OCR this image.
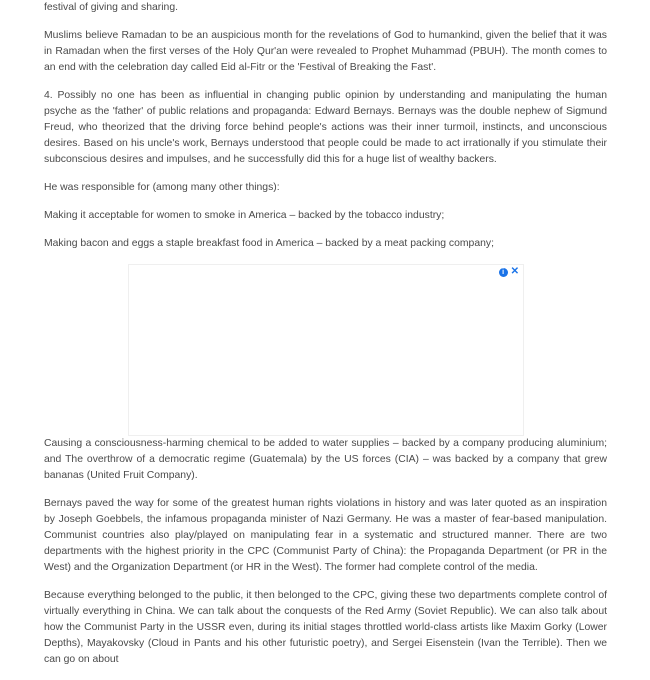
festival of giving and sharing.

Muslims believe Ramadan to be an auspicious month for the revelations of God to humankind, given the belief that it was in Ramadan when the first verses of the Holy Qur'an were revealed to Prophet Muhammad (PBUH). The month comes to an end with the celebration day called Eid al-Fitr or the 'Festival of Breaking the Fast'.

4. Possibly no one has been as influential in changing public opinion by understanding and manipulating the human psyche as the 'father' of public relations and propaganda: Edward Bernays. Bernays was the double nephew of Sigmund Freud, who theorized that the driving force behind people's actions was their inner turmoil, instincts, and unconscious desires. Based on his uncle's work, Bernays understood that people could be made to act irrationally if you stimulate their subconscious desires and impulses, and he successfully did this for a huge list of wealthy backers.

He was responsible for (among many other things):

Making it acceptable for women to smoke in America – backed by the tobacco industry;

Making bacon and eggs a staple breakfast food in America – backed by a meat packing company;

i ✕

Causing a consciousness-harming chemical to be added to water supplies – backed by a company producing aluminium; and The overthrow of a democratic regime (Guatemala) by the US forces (CIA) – was backed by a company that grew bananas (United Fruit Company).

Bernays paved the way for some of the greatest human rights violations in history and was later quoted as an inspiration by Joseph Goebbels, the infamous propaganda minister of Nazi Germany. He was a master of fear-based manipulation. Communist countries also play/played on manipulating fear in a systematic and structured manner. There are two departments with the highest priority in the CPC (Communist Party of China): the Propaganda Department (or PR in the West) and the Organization Department (or HR in the West). The former had complete control of the media.

Because everything belonged to the public, it then belonged to the CPC, giving these two departments complete control of virtually everything in China. We can talk about the conquests of the Red Army (Soviet Republic). We can also talk about how the Communist Party in the USSR even, during its initial stages throttled world-class artists like Maxim Gorky (Lower Depths), Mayakovsky (Cloud in Pants and his other futuristic poetry), and Sergei Eisenstein (Ivan the Terrible). Then we can go on about
